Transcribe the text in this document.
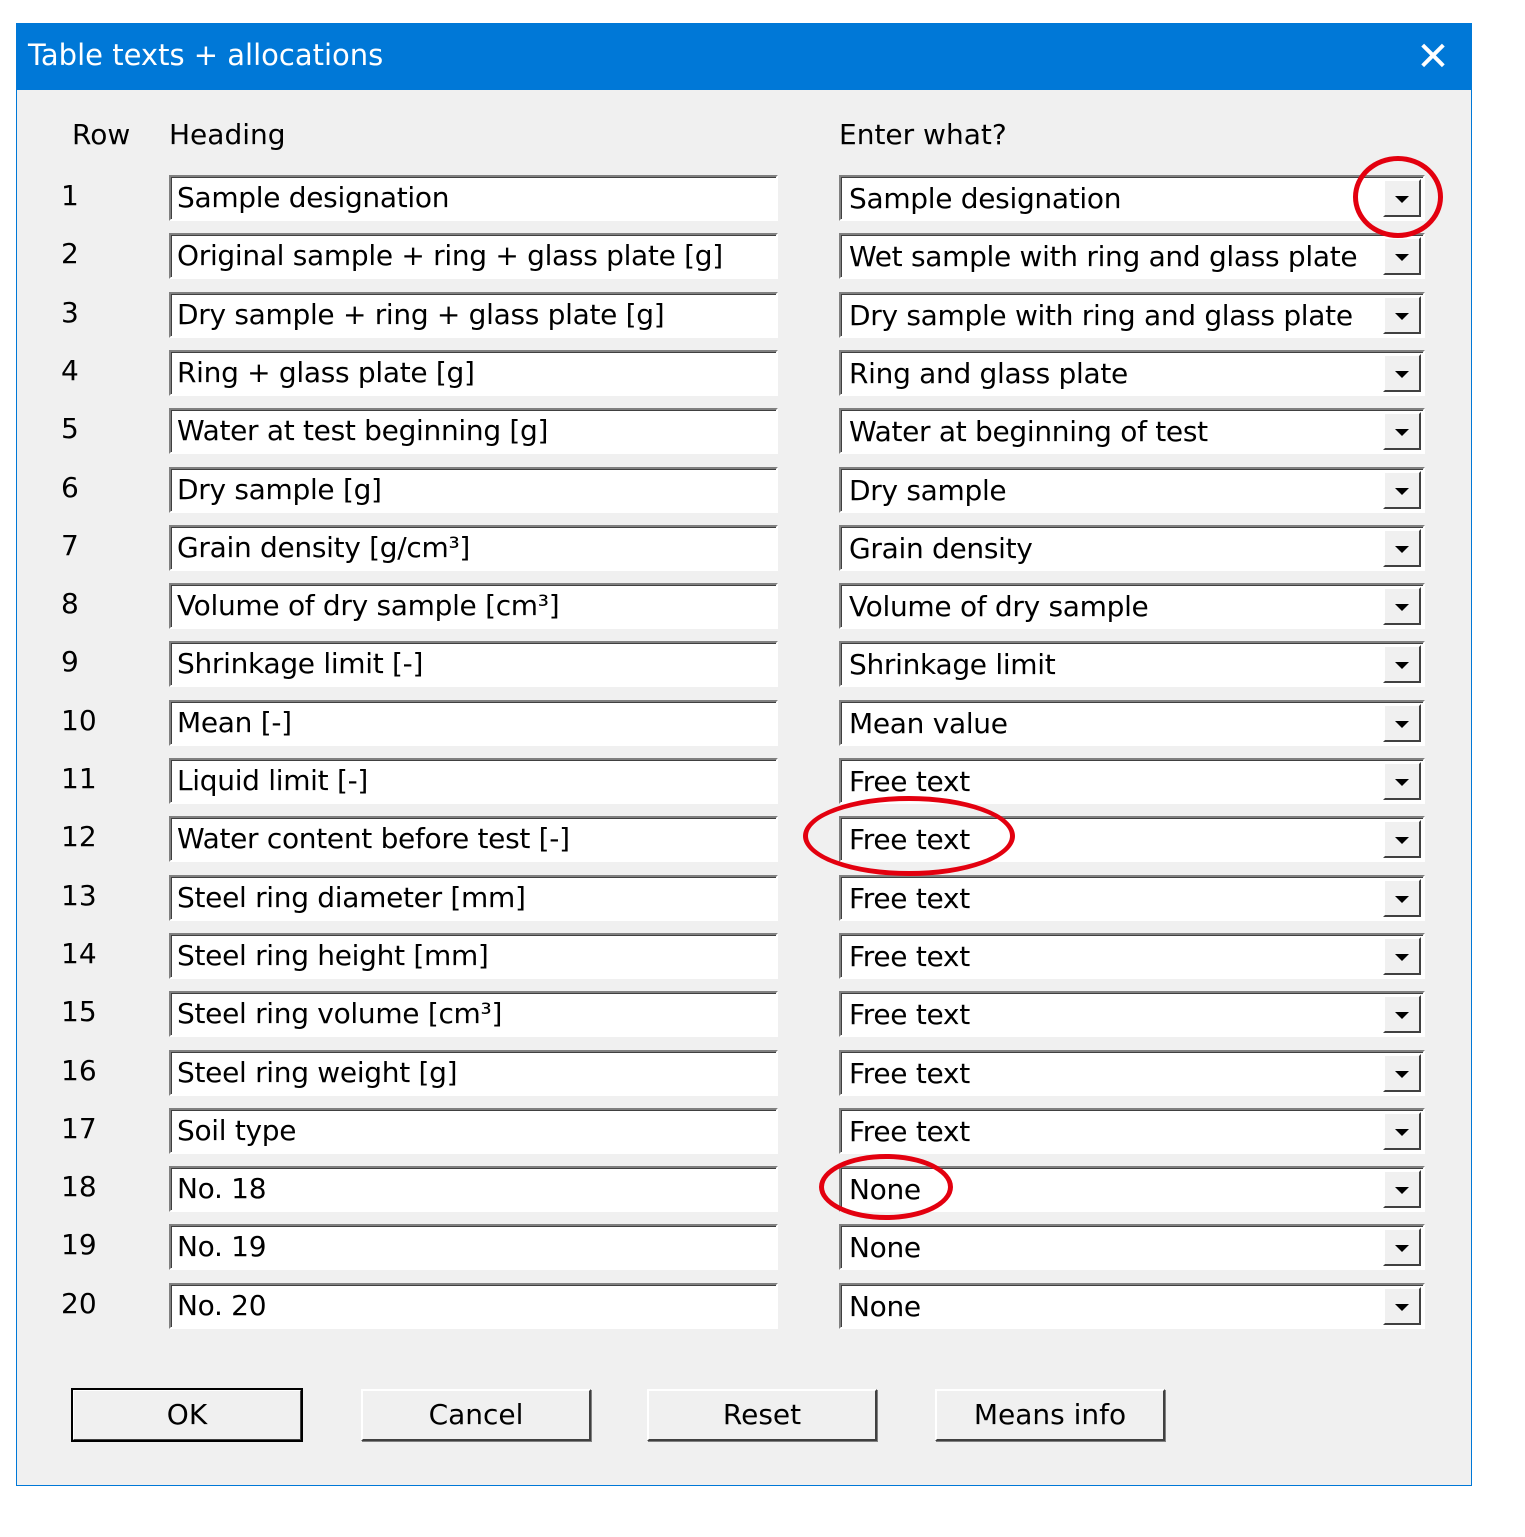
Table texts + allocations	✕
Row Heading	Enter what?
1	Sample designation	Sample designation
2	Original sample + ring + glass plate [g]	Wet sample with ring and glass plate
3	Dry sample + ring + glass plate [g]	Dry sample with ring and glass plate
4	Ring + glass plate [g]	Ring and glass plate
5	Water at test beginning [g]	Water at beginning of test
6	Dry sample [g]	Dry sample
7	Grain density [g/cm³]	Grain density
8	Volume of dry sample [cm³]	Volume of dry sample
9	Shrinkage limit [-]	Shrinkage limit
10	Mean [-]	Mean value
11	Liquid limit [-]	Free text
12	Water content before test [-]	Free text
13	Steel ring diameter [mm]	Free text
14	Steel ring height [mm]	Free text
15	Steel ring volume [cm³]	Free text
16	Steel ring weight [g]	Free text
17	Soil type	Free text
18	No. 18	None
19	No. 19	None
20	No. 20	None
OK	Cancel	Reset	Means info
